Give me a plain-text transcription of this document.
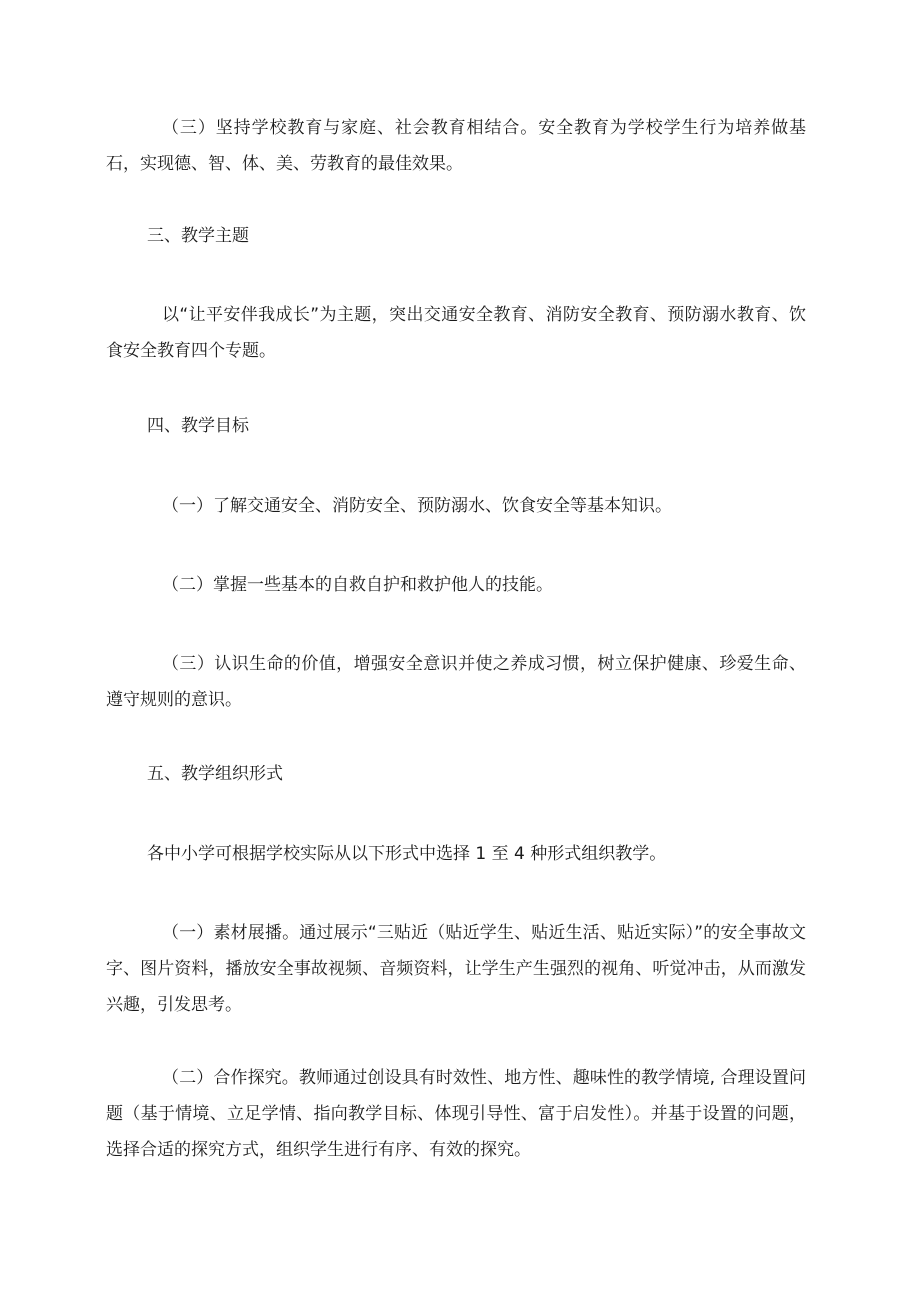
（三）坚持学校教育与家庭、社会教育相结合。安全教育为学校学生行为培养做基石，实现德、智、体、美、劳教育的最佳效果。

三、教学主题

以“让平安伴我成长”为主题，突出交通安全教育、消防安全教育、预防溺水教育、饮食安全教育四个专题。

四、教学目标

（一）了解交通安全、消防安全、预防溺水、饮食安全等基本知识。

（二）掌握一些基本的自救自护和救护他人的技能。

（三）认识生命的价值，增强安全意识并使之养成习惯，树立保护健康、珍爱生命、遵守规则的意识。

五、教学组织形式

各中小学可根据学校实际从以下形式中选择 1 至 4 种形式组织教学。

（一）素材展播。通过展示“三贴近（贴近学生、贴近生活、贴近实际）”的安全事故文字、图片资料，播放安全事故视频、音频资料，让学生产生强烈的视角、听觉冲击，从而激发兴趣，引发思考。

（二）合作探究。教师通过创设具有时效性、地方性、趣味性的教学情境, 合理设置问题（基于情境、立足学情、指向教学目标、体现引导性、富于启发性）。并基于设置的问题，选择合适的探究方式，组织学生进行有序、有效的探究。
